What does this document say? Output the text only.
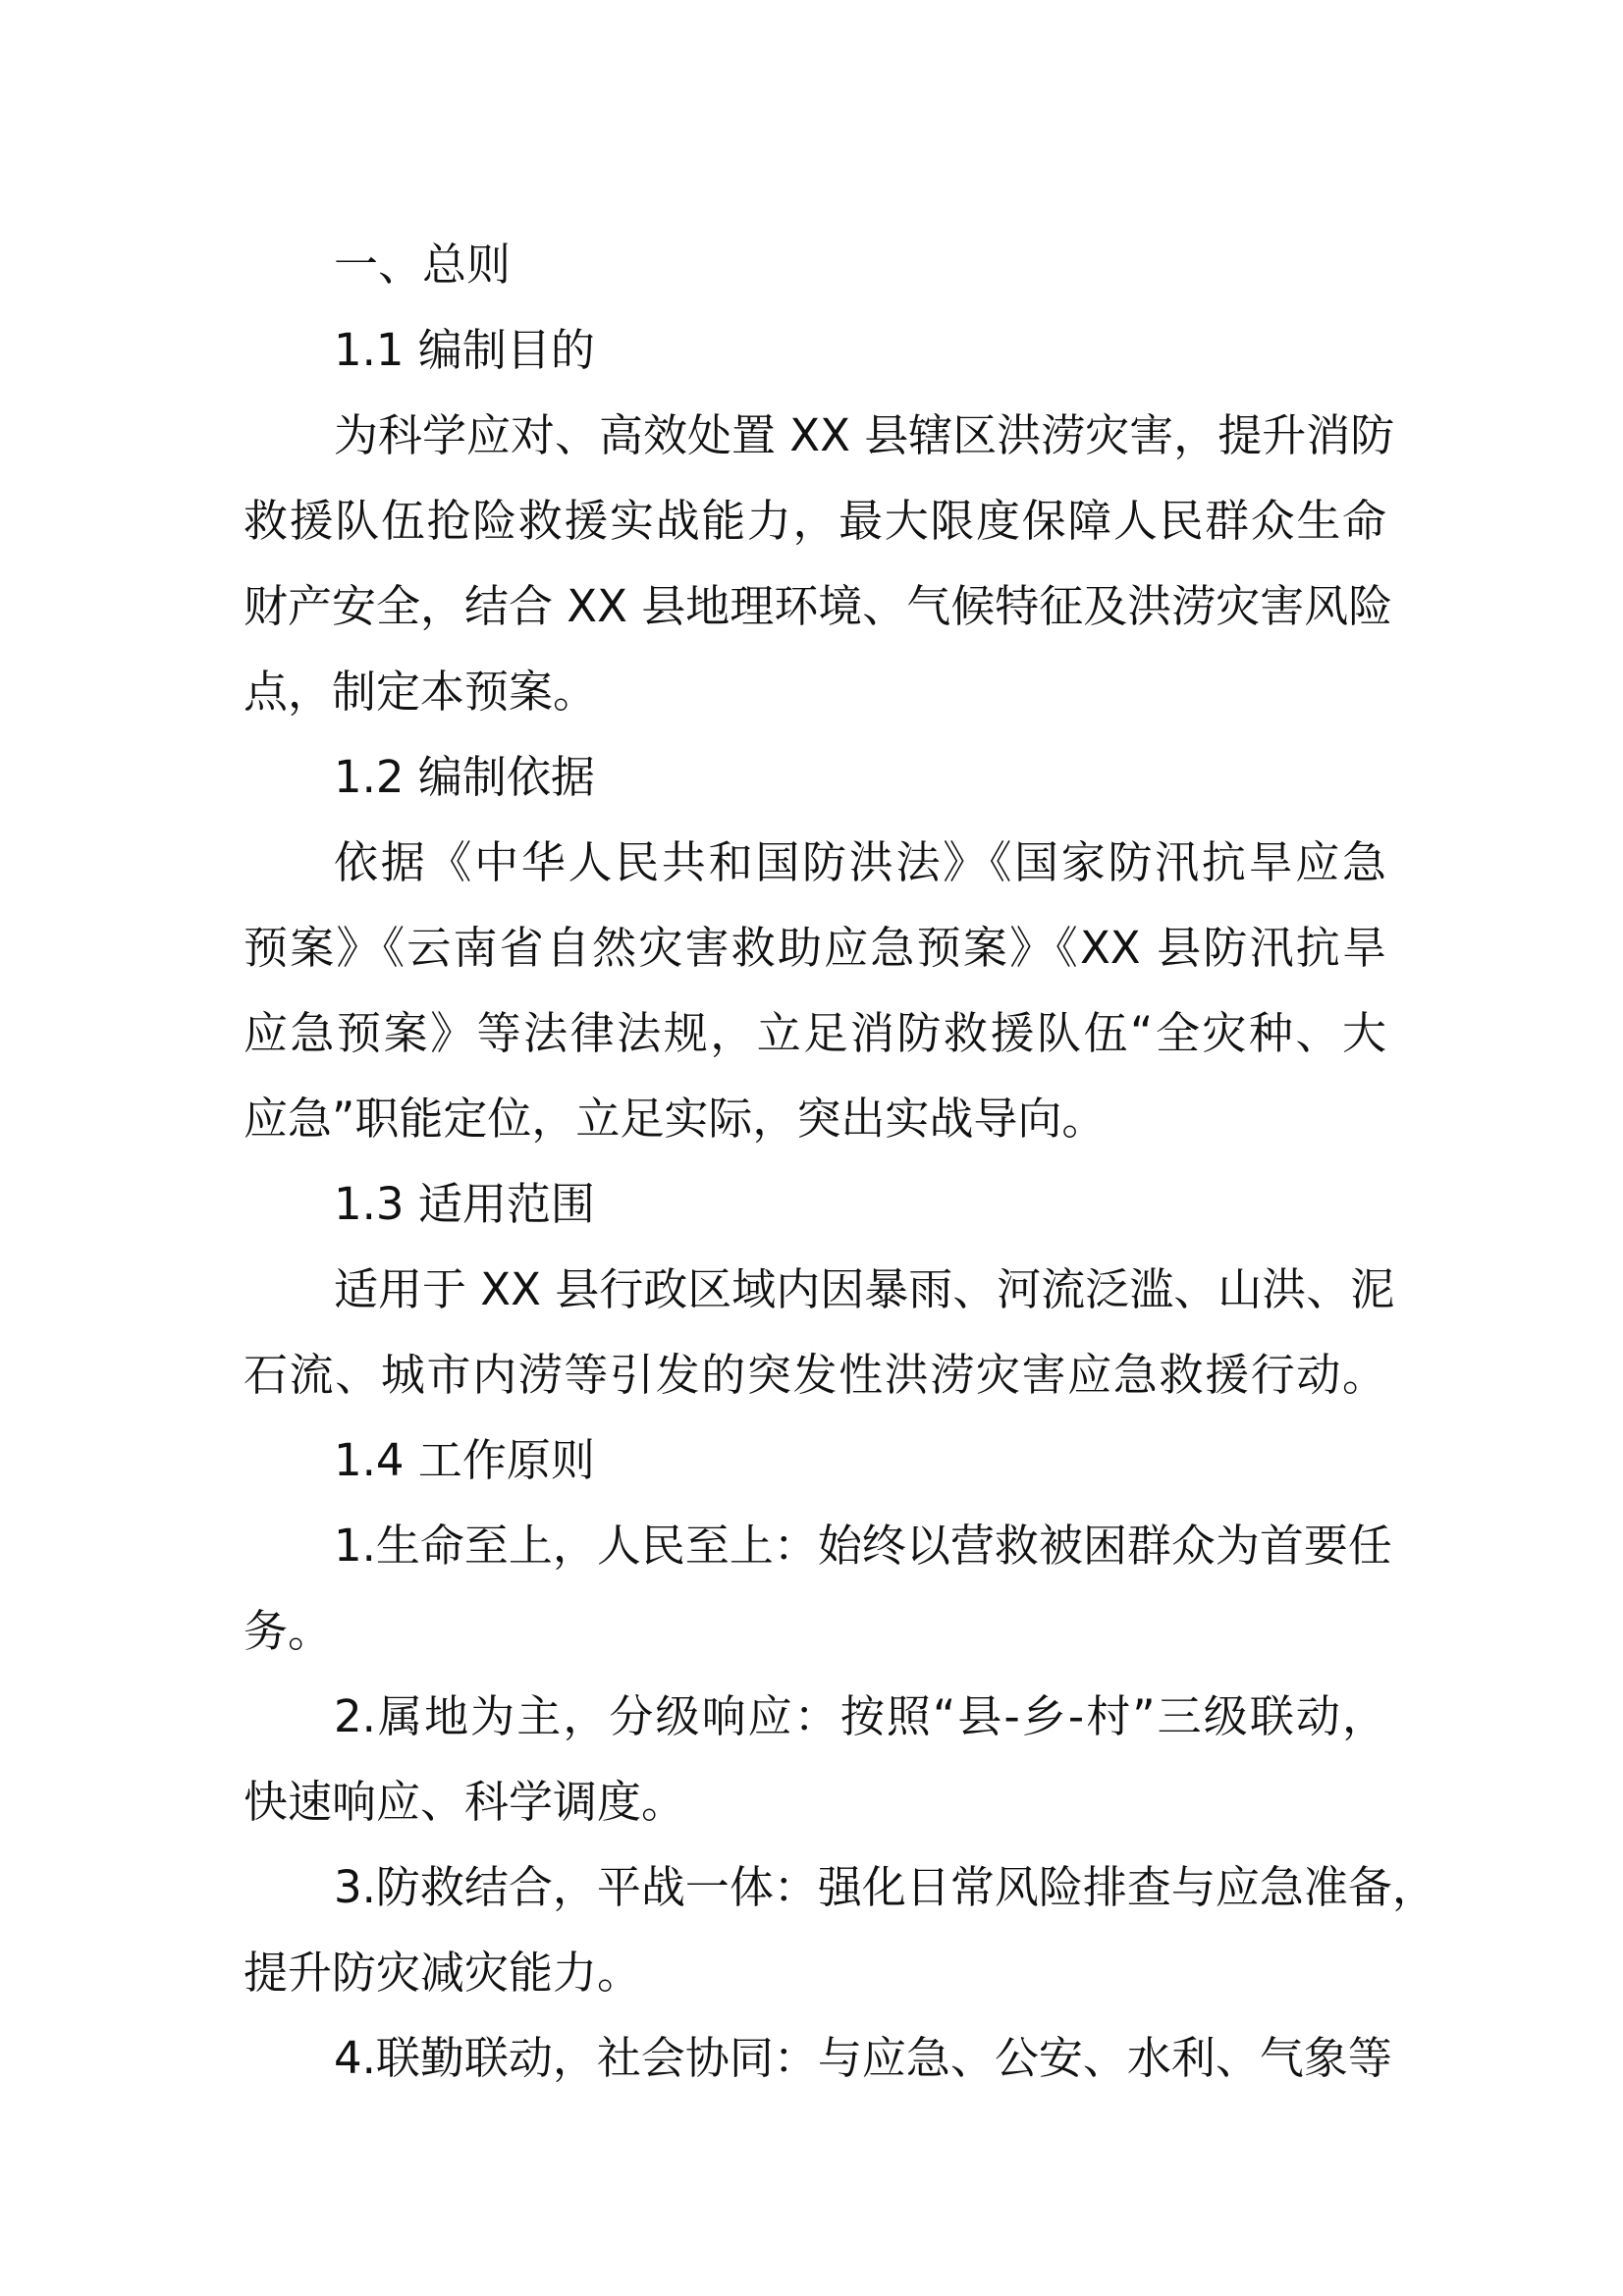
一、总则
1.1 编制目的
为科学应对、高效处置 XX 县辖区洪涝灾害，提升消防
救援队伍抢险救援实战能力，最大限度保障人民群众生命
财产安全，结合 XX 县地理环境、气候特征及洪涝灾害风险
点，制定本预案。
1.2 编制依据
依据《中华人民共和国防洪法》《国家防汛抗旱应急
预案》《云南省自然灾害救助应急预案》《XX 县防汛抗旱
应急预案》等法律法规，立足消防救援队伍“全灾种、大
应急”职能定位，立足实际，突出实战导向。
1.3 适用范围
适用于 XX 县行政区域内因暴雨、河流泛滥、山洪、泥
石流、城市内涝等引发的突发性洪涝灾害应急救援行动。
1.4 工作原则
1.生命至上，人民至上：始终以营救被困群众为首要任
务。
2.属地为主，分级响应：按照“县-乡-村”三级联动，
快速响应、科学调度。
3.防救结合，平战一体：强化日常风险排查与应急准备，
提升防灾减灾能力。
4.联勤联动，社会协同：与应急、公安、水利、气象等
